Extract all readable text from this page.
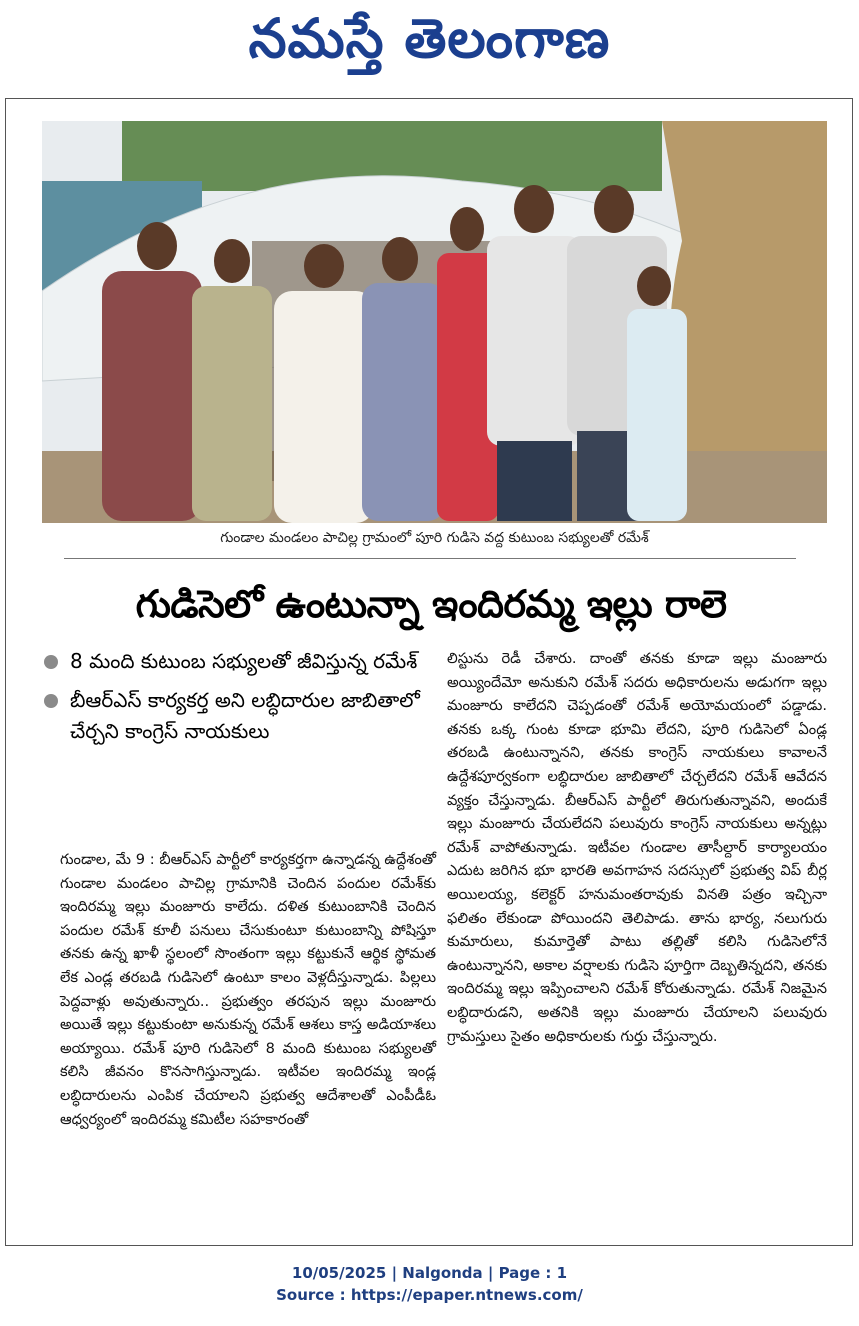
నమస్తే తెలంగాణ
గుండాల మండలం పాచిల్ల గ్రామంలో పూరి గుడిసె వద్ద కుటుంబ సభ్యులతో రమేశ్
గుడిసెలో ఉంటున్నా ఇందిరమ్మ ఇల్లు రాలె

8 మంది కుటుంబ సభ్యులతో జీవిస్తున్న రమేశ్

బీఆర్ఎస్ కార్యకర్త అని లబ్ధిదారుల జాబితాలో చేర్చని కాంగ్రెస్ నాయకులు

గుండాల, మే 9 : బీఆర్ఎస్ పార్టీలో కార్యకర్తగా ఉన్నాడన్న ఉద్దేశంతో గుండాల మండలం పాచిల్ల గ్రామానికి చెందిన పందుల రమేశ్‌కు ఇందిరమ్మ ఇల్లు మంజూరు కాలేదు. దళిత కుటుంబానికి చెందిన పందుల రమేశ్ కూలీ పనులు చేసుకుంటూ కుటుంబాన్ని పోషిస్తూ తనకు ఉన్న ఖాళీ స్థలంలో సొంతంగా ఇల్లు కట్టుకునే ఆర్థిక స్థోమత లేక ఎండ్ల తరబడి గుడిసెలో ఉంటూ కాలం వెళ్లదీస్తున్నాడు. పిల్లలు పెద్దవాళ్లు అవుతున్నారు.. ప్రభుత్వం తరపున ఇల్లు మంజూరు అయితే ఇల్లు కట్టుకుంటా అనుకున్న రమేశ్ ఆశలు కాస్త అడియాశలు అయ్యాయి. రమేశ్ పూరి గుడిసెలో 8 మంది కుటుంబ సభ్యులతో కలిసి జీవనం కొనసాగిస్తున్నాడు. ఇటీవల ఇందిరమ్మ ఇండ్ల లబ్ధిదారులను ఎంపిక చేయాలని ప్రభుత్వ ఆదేశాలతో ఎంపీడీఓ ఆధ్వర్యంలో ఇందిరమ్మ కమిటీల సహకారంతో
లిస్టును రెడీ చేశారు. దాంతో తనకు కూడా ఇల్లు మంజూరు అయ్యిందేమో అనుకుని రమేశ్ సదరు అధికారులను అడుగగా ఇల్లు మంజూరు కాలేదని చెప్పడంతో రమేశ్ అయోమయంలో పడ్డాడు. తనకు ఒక్క గుంట కూడా భూమి లేదని, పూరి గుడిసెలో ఏండ్ల తరబడి ఉంటున్నానని, తనకు కాంగ్రెస్ నాయకులు కావాలనే ఉద్దేశపూర్వకంగా లబ్ధిదారుల జాబితాలో చేర్చలేదని రమేశ్ ఆవేదన వ్యక్తం చేస్తున్నాడు. బీఆర్ఎస్ పార్టీలో తిరుగుతున్నావని, అందుకే ఇల్లు మంజూరు చేయలేదని పలువురు కాంగ్రెస్ నాయకులు అన్నట్లు రమేశ్ వాపోతున్నాడు. ఇటీవల గుండాల తాసీల్దార్ కార్యాలయం ఎదుట జరిగిన భూ భారతి అవగాహన సదస్సులో ప్రభుత్వ విప్ బీర్ల అయిలయ్య, కలెక్టర్ హనుమంతరావుకు వినతి పత్రం ఇచ్చినా ఫలితం లేకుండా పోయిందని తెలిపాడు. తాను భార్య, నలుగురు కుమారులు, కుమార్తెతో పాటు తల్లితో కలిసి గుడిసెలోనే ఉంటున్నానని, అకాల వర్షాలకు గుడిసె పూర్తిగా దెబ్బతిన్నదని, తనకు ఇందిరమ్మ ఇల్లు ఇప్పించాలని రమేశ్ కోరుతున్నాడు. రమేశ్ నిజమైన లబ్ధిదారుడని, అతనికి ఇల్లు మంజూరు చేయాలని పలువురు గ్రామస్తులు సైతం అధికారులకు గుర్తు చేస్తున్నారు.
10/05/2025 | Nalgonda | Page : 1
Source : https://epaper.ntnews.com/
